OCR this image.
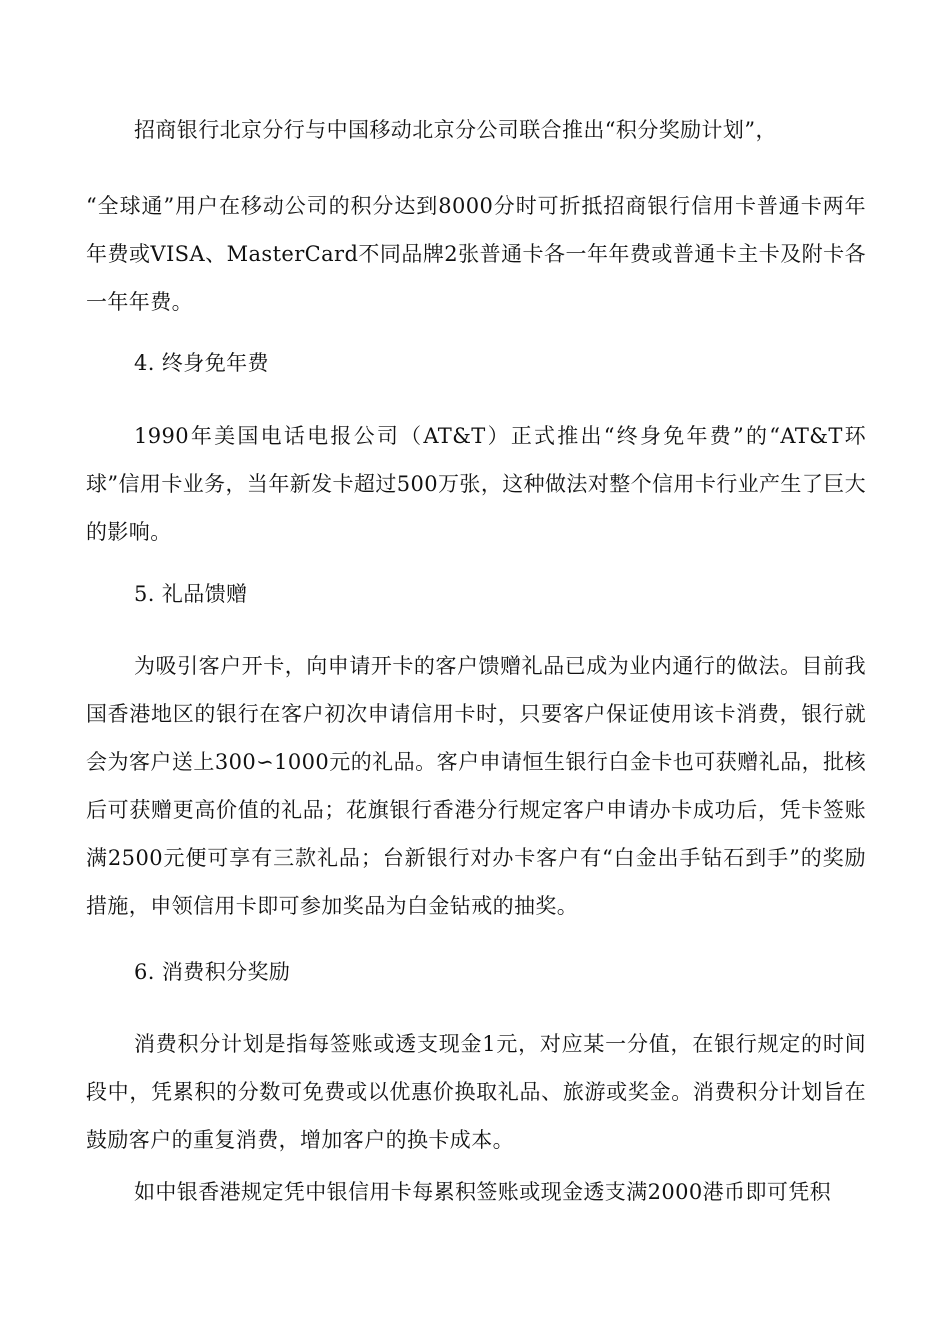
招商银行北京分行与中国移动北京分公司联合推出“积分奖励计划”，

“全球通”用户在移动公司的积分达到8000分时可折抵招商银行信用卡普通卡两年年费或VISA、MasterCard不同品牌2张普通卡各一年年费或普通卡主卡及附卡各一年年费。

4. 终身免年费

1990年美国电话电报公司（AT&T）正式推出“终身免年费”的“AT&T环球”信用卡业务，当年新发卡超过500万张，这种做法对整个信用卡行业产生了巨大的影响。

5. 礼品馈赠

为吸引客户开卡，向申请开卡的客户馈赠礼品已成为业内通行的做法。目前我国香港地区的银行在客户初次申请信用卡时，只要客户保证使用该卡消费，银行就会为客户送上300∽1000元的礼品。客户申请恒生银行白金卡也可获赠礼品，批核后可获赠更高价值的礼品；花旗银行香港分行规定客户申请办卡成功后，凭卡签账满2500元便可享有三款礼品；台新银行对办卡客户有“白金出手钻石到手”的奖励措施，申领信用卡即可参加奖品为白金钻戒的抽奖。

6. 消费积分奖励

消费积分计划是指每签账或透支现金1元，对应某一分值，在银行规定的时间段中，凭累积的分数可免费或以优惠价换取礼品、旅游或奖金。消费积分计划旨在鼓励客户的重复消费，增加客户的换卡成本。

如中银香港规定凭中银信用卡每累积签账或现金透支满2000港币即可凭积
